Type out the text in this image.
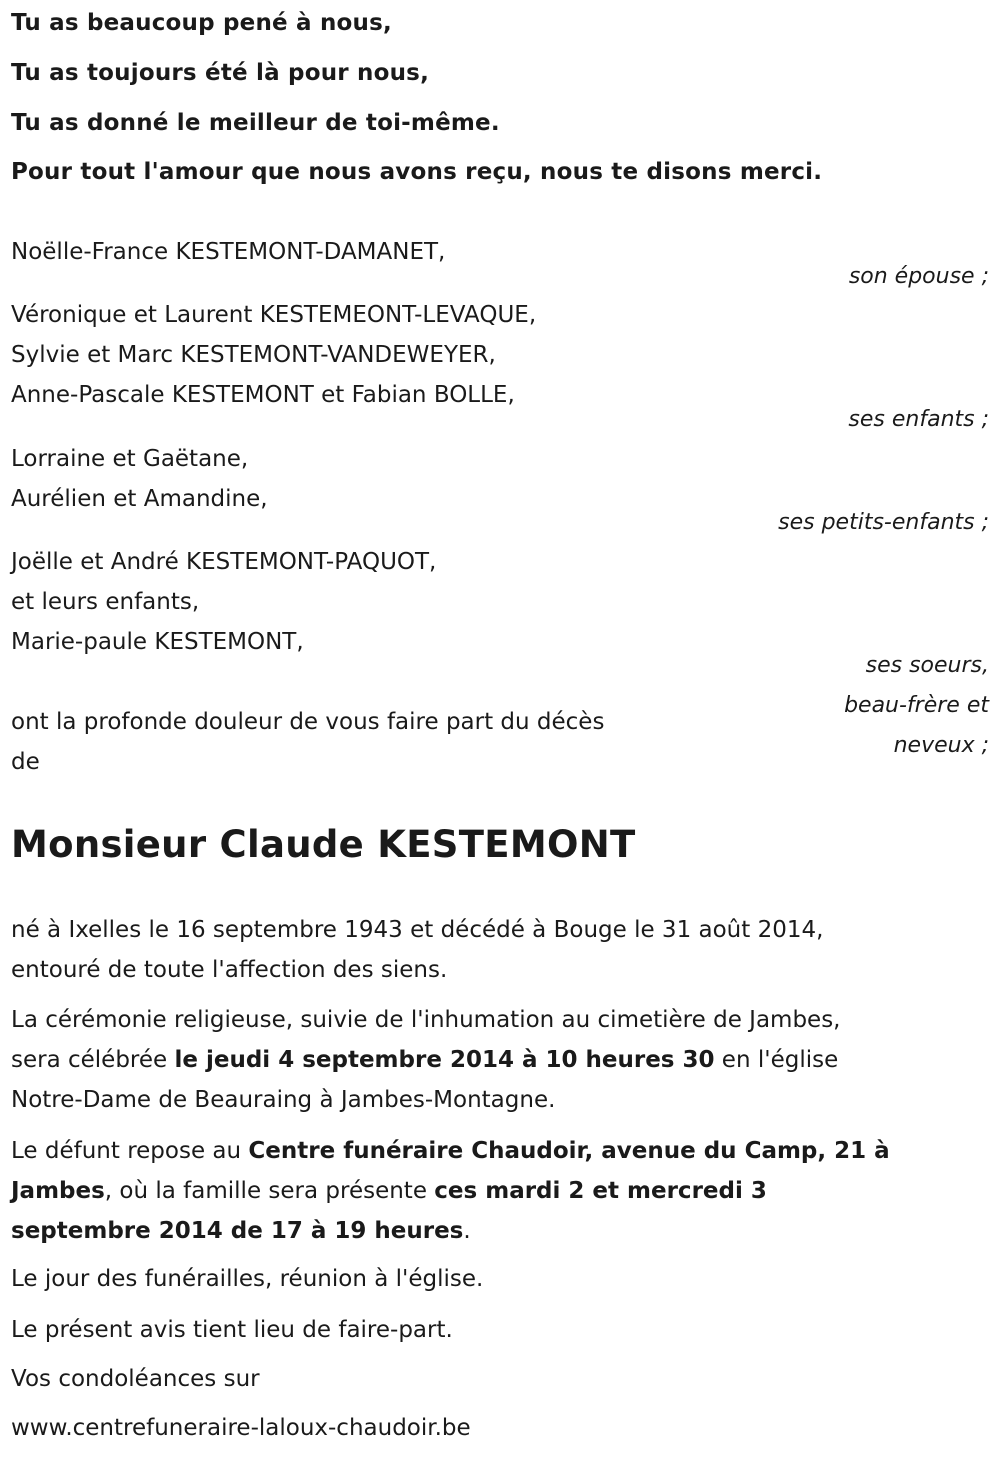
Tu as beaucoup pené à nous,
Tu as toujours été là pour nous,
Tu as donné le meilleur de toi-même.
Pour tout l'amour que nous avons reçu, nous te disons merci.
Noëlle-France KESTEMONT-DAMANET,
son épouse ;
Véronique et Laurent KESTEMEONT-LEVAQUE,
Sylvie et Marc KESTEMONT-VANDEWEYER,
Anne-Pascale KESTEMONT et Fabian BOLLE,
ses enfants ;
Lorraine et Gaëtane,
Aurélien et Amandine,
ses petits-enfants ;
Joëlle et André KESTEMONT-PAQUOT,
et leurs enfants,
Marie-paule KESTEMONT,
ses soeurs,
beau-frère et
neveux ;
ont la profonde douleur de vous faire part du décès
de
Monsieur Claude KESTEMONT
né à Ixelles le 16 septembre 1943 et décédé à Bouge le 31 août 2014,
entouré de toute l'affection des siens.
La cérémonie religieuse, suivie de l'inhumation au cimetière de Jambes,
sera célébrée le jeudi 4 septembre 2014 à 10 heures 30 en l'église
Notre-Dame de Beauraing à Jambes-Montagne.
Le défunt repose au Centre funéraire Chaudoir, avenue du Camp, 21 à
Jambes, où la famille sera présente ces mardi 2 et mercredi 3
septembre 2014 de 17 à 19 heures.
Le jour des funérailles, réunion à l'église.
Le présent avis tient lieu de faire-part.
Vos condoléances sur
www.centrefuneraire-laloux-chaudoir.be
